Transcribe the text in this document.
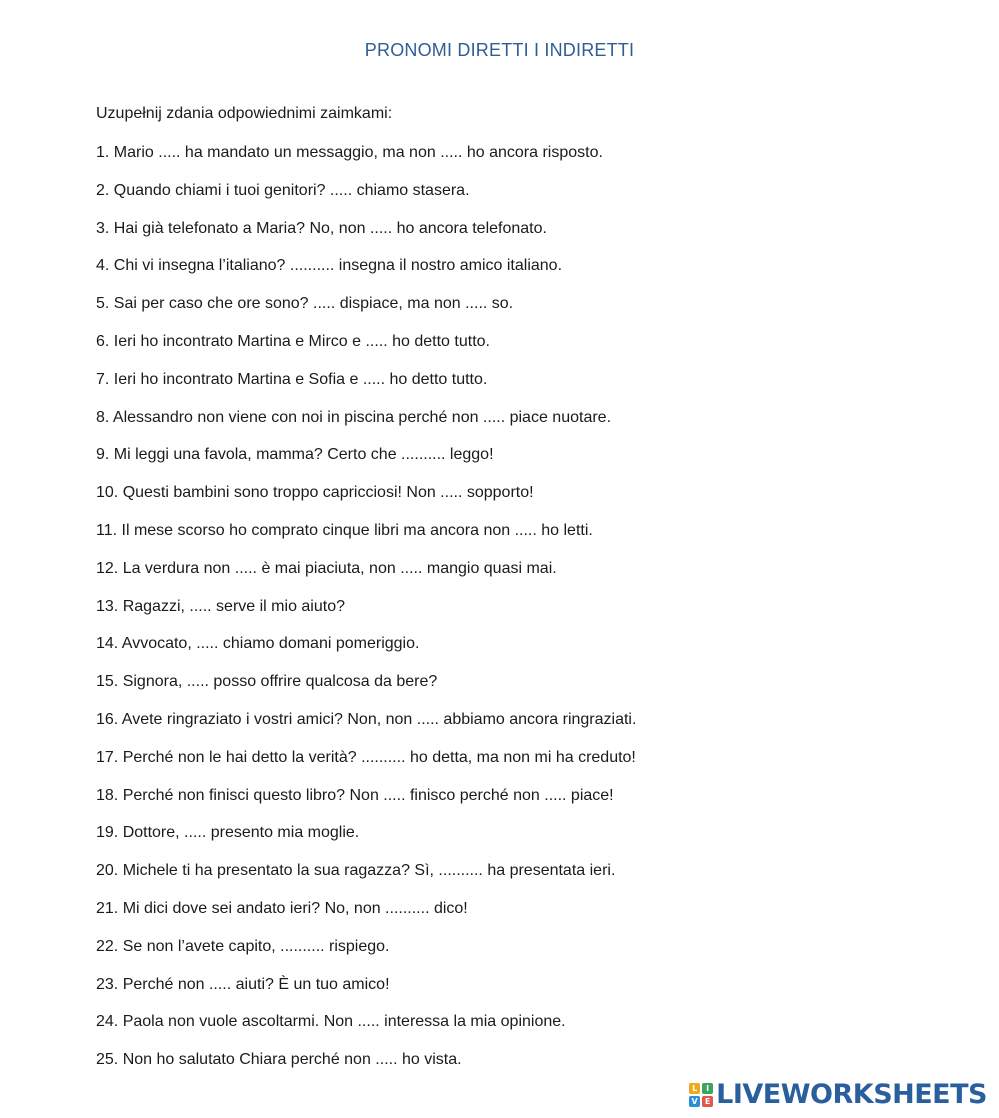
PRONOMI DIRETTI I INDIRETTI
Uzupełnij zdania odpowiednimi zaimkami:
1. Mario ..... ha mandato un messaggio, ma non ..... ho ancora risposto.
2. Quando chiami i tuoi genitori? ..... chiamo stasera.
3. Hai già telefonato a Maria? No, non ..... ho ancora telefonato.
4. Chi vi insegna l’italiano? .......... insegna il nostro amico italiano.
5. Sai per caso che ore sono? ..... dispiace, ma non ..... so.
6. Ieri ho incontrato Martina e Mirco e ..... ho detto tutto.
7. Ieri ho incontrato Martina e Sofia e ..... ho detto tutto.
8. Alessandro non viene con noi in piscina perché non ..... piace nuotare.
9. Mi leggi una favola, mamma? Certo che .......... leggo!
10. Questi bambini sono troppo capricciosi! Non ..... sopporto!
11. Il mese scorso ho comprato cinque libri ma ancora non ..... ho letti.
12. La verdura non ..... è mai piaciuta, non ..... mangio quasi mai.
13. Ragazzi, ..... serve il mio aiuto?
14. Avvocato, ..... chiamo domani pomeriggio.
15. Signora, ..... posso offrire qualcosa da bere?
16. Avete ringraziato i vostri amici? Non, non ..... abbiamo ancora ringraziati.
17. Perché non le hai detto la verità? .......... ho detta, ma non mi ha creduto!
18. Perché non finisci questo libro? Non ..... finisco perché non ..... piace!
19. Dottore, ..... presento mia moglie.
20. Michele ti ha presentato la sua ragazza? Sì, .......... ha presentata ieri.
21. Mi dici dove sei andato ieri? No, non .......... dico!
22. Se non l’avete capito, .......... rispiego.
23. Perché non ..... aiuti? È un tuo amico!
24. Paola non vuole ascoltarmi. Non ..... interessa la mia opinione.
25. Non ho salutato Chiara perché non ..... ho vista.
L	I
V E LIVEWORKSHEETS
